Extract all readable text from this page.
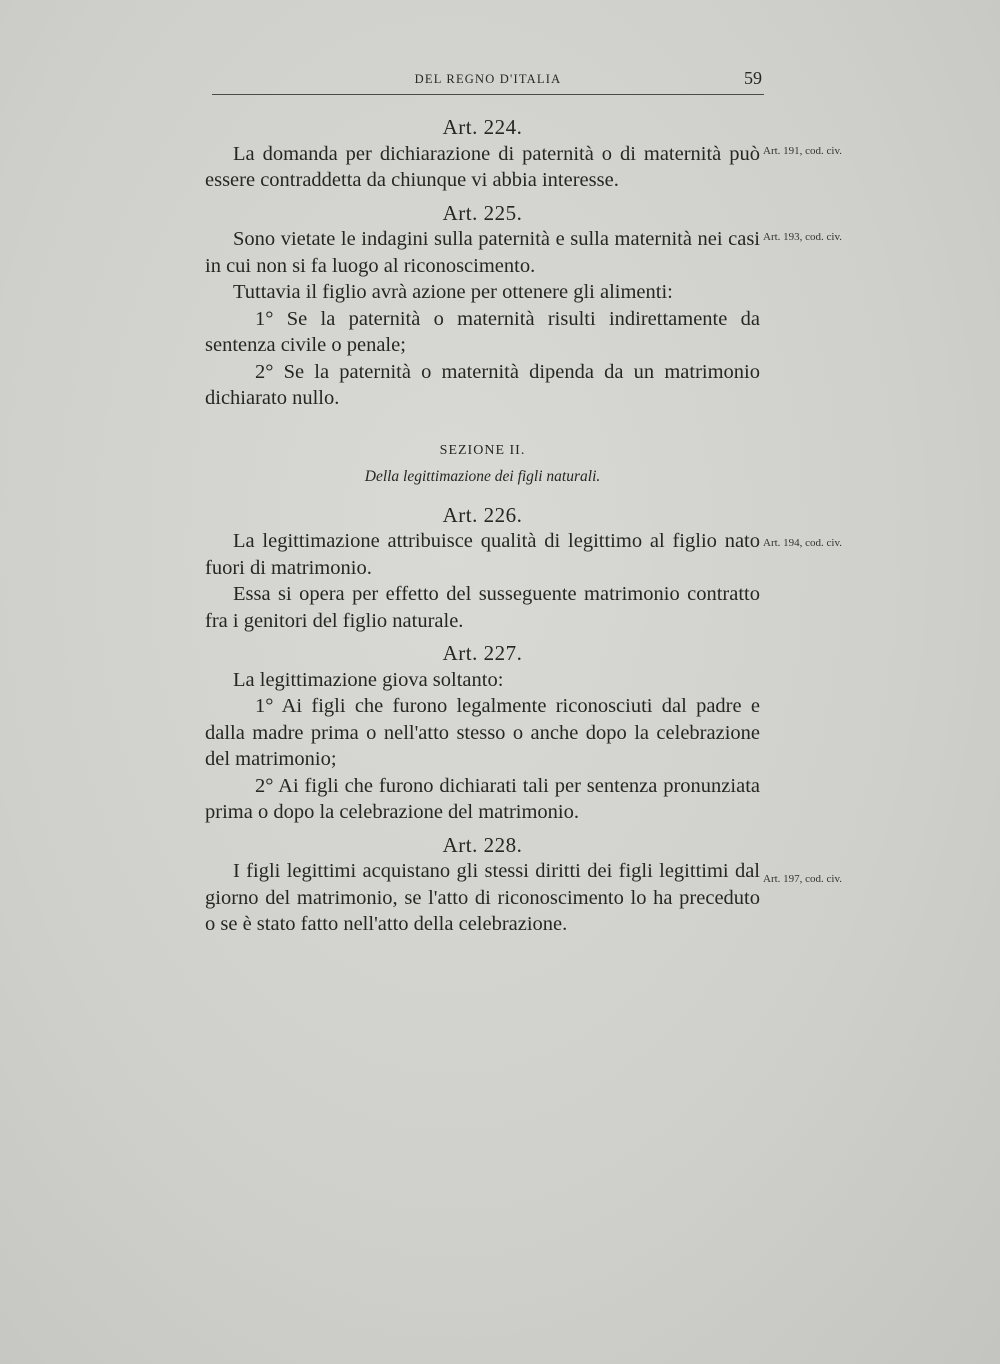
DEL REGNO D'ITALIA	59

Art. 224.

Art. 191, cod. civ.

La domanda per dichiarazione di paternità o di maternità può essere contraddetta da chiunque vi abbia interesse.

Art. 225.

Art. 193, cod. civ.

Sono vietate le indagini sulla paternità e sulla maternità nei casi in cui non si fa luogo al riconoscimento.

Tuttavia il figlio avrà azione per ottenere gli alimenti:

1° Se la paternità o maternità risulti indirettamente da sentenza civile o penale;

2° Se la paternità o maternità dipenda da un matrimonio dichiarato nullo.

SEZIONE II.

Della legittimazione dei figli naturali.

Art. 226.

Art. 194, cod. civ.

La legittimazione attribuisce qualità di legittimo al figlio nato fuori di matrimonio.

Essa si opera per effetto del susseguente matrimonio contratto fra i genitori del figlio naturale.

Art. 227.

La legittimazione giova soltanto:

1° Ai figli che furono legalmente riconosciuti dal padre e dalla madre prima o nell'atto stesso o anche dopo la celebrazione del matrimonio;

2° Ai figli che furono dichiarati tali per sentenza pronunziata prima o dopo la celebrazione del matrimonio.

Art. 228.

Art. 197, cod. civ.

I figli legittimi acquistano gli stessi diritti dei figli legittimi dal giorno del matrimonio, se l'atto di riconoscimento lo ha preceduto o se è stato fatto nell'atto della celebrazione.
